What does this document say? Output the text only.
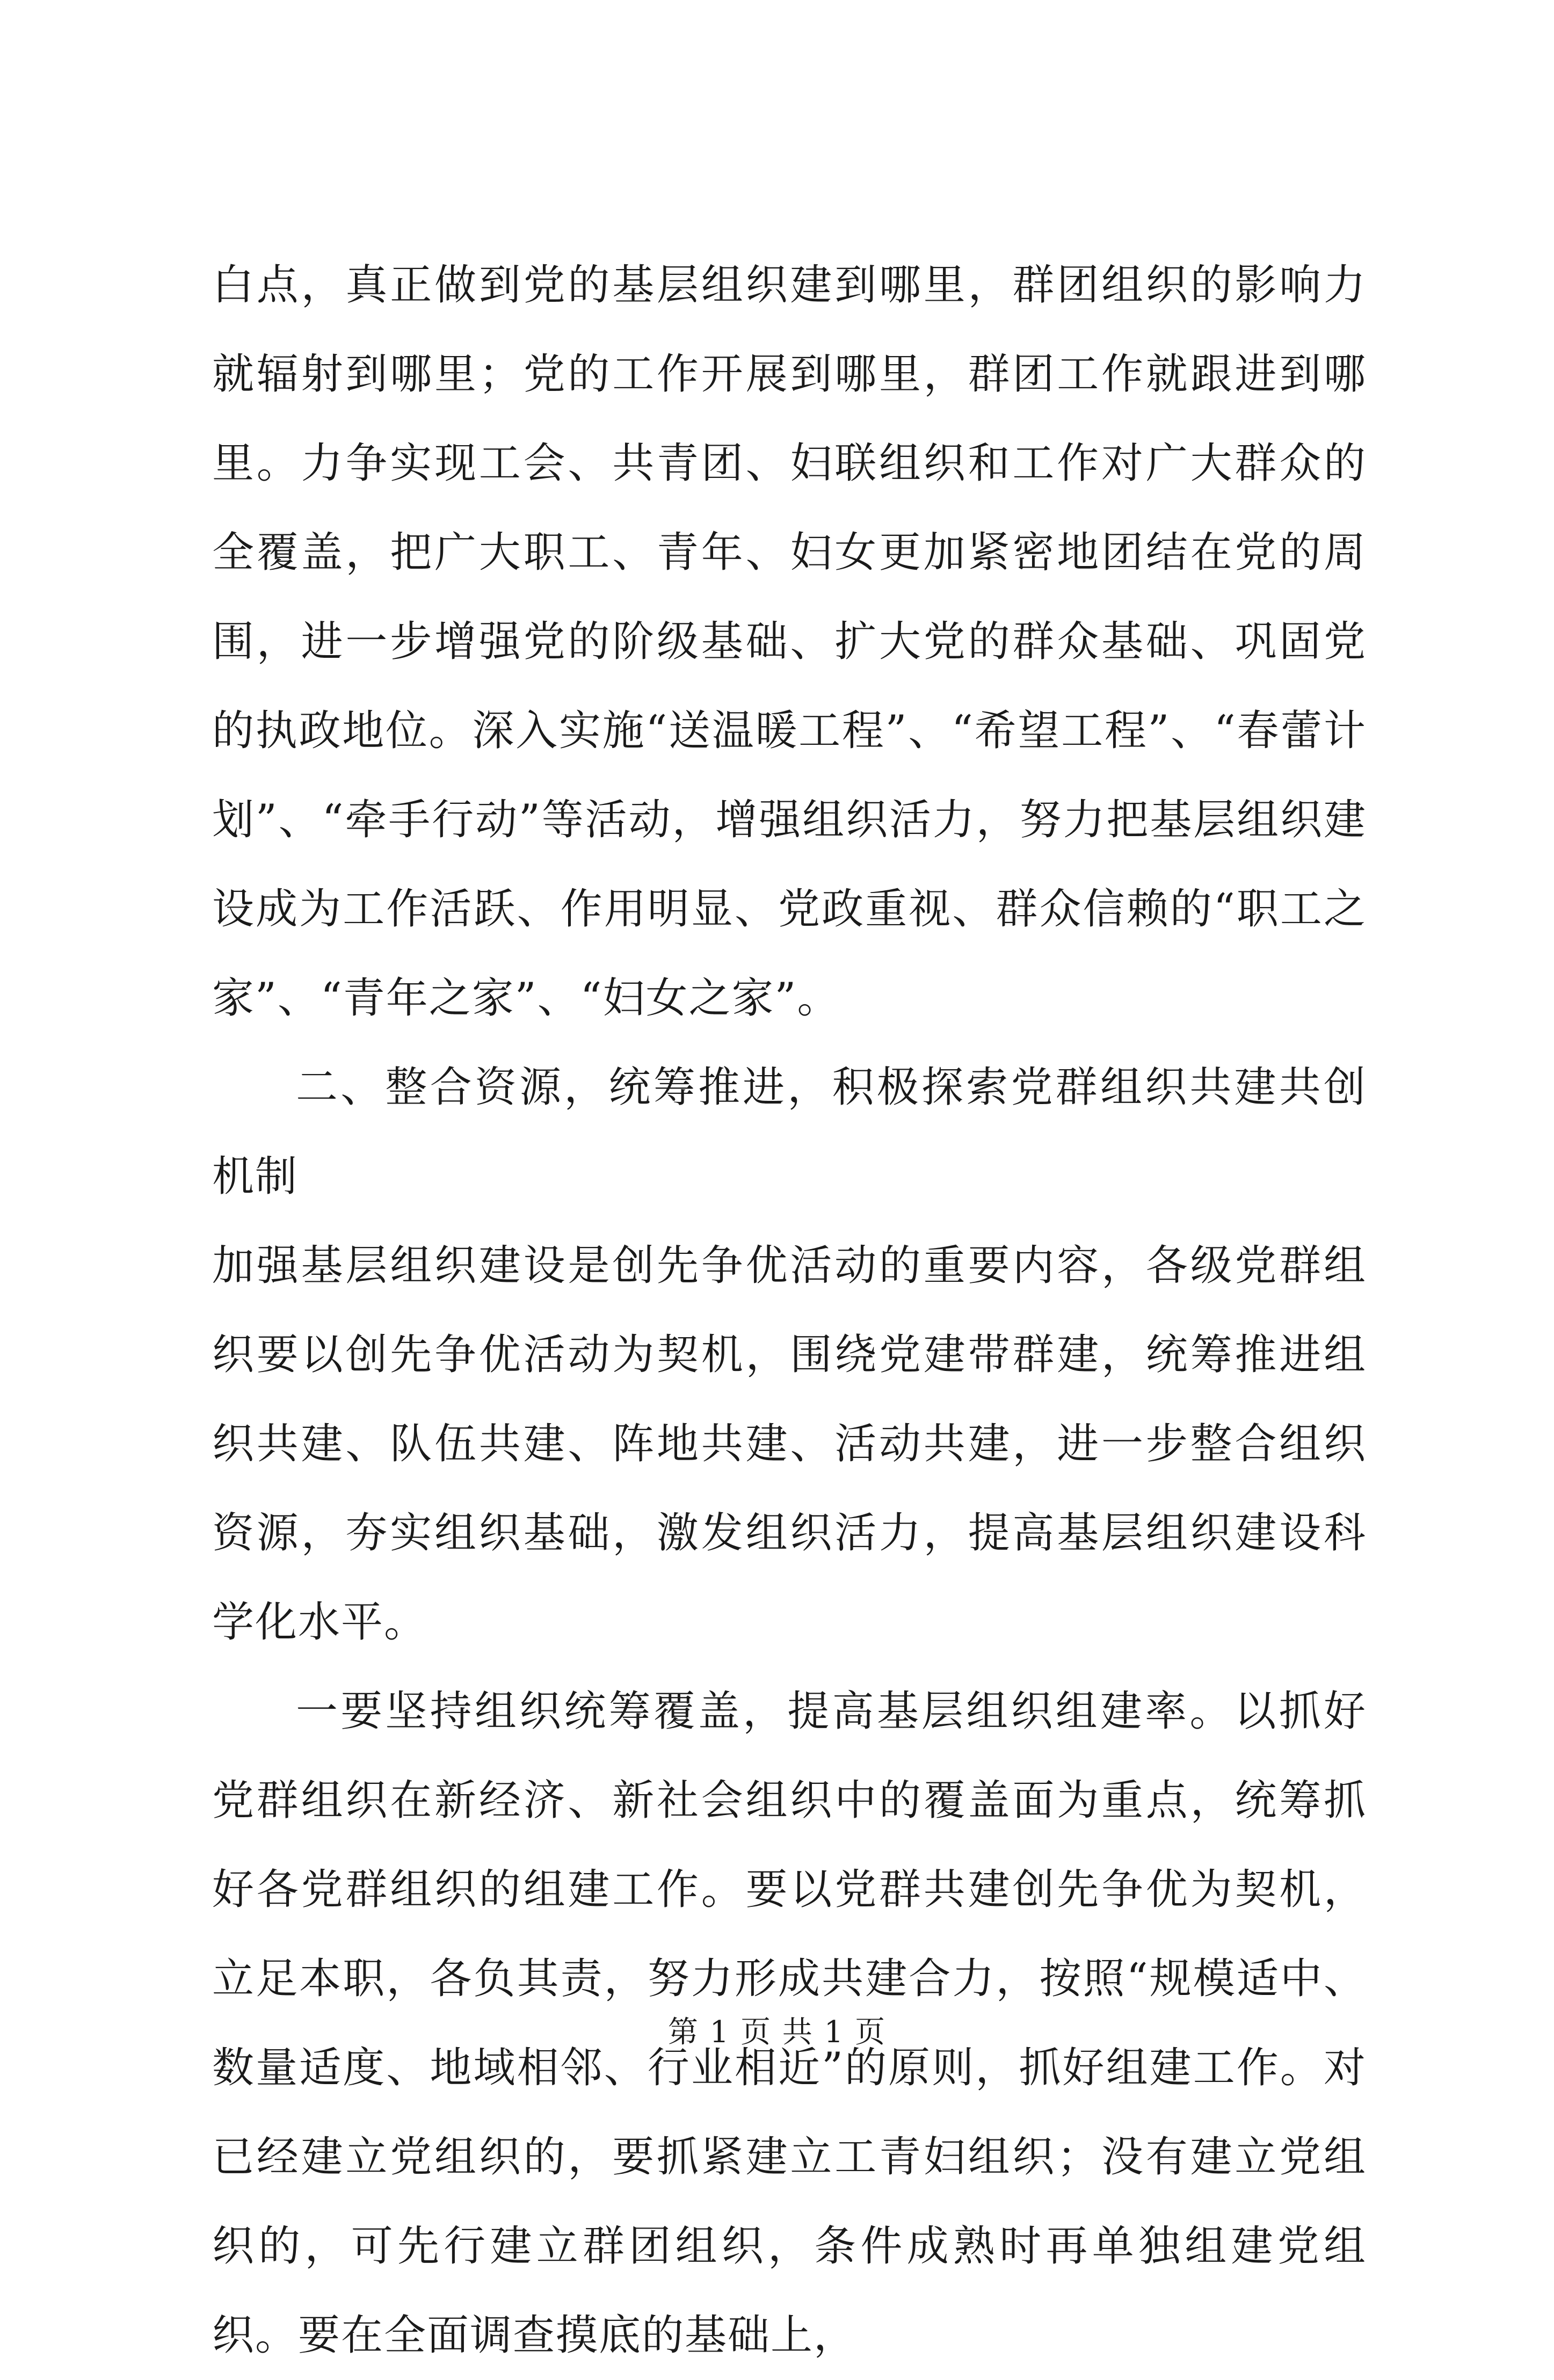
白点，真正做到党的基层组织建到哪里，群团组织的影响力就辐射到哪里；党的工作开展到哪里，群团工作就跟进到哪里。力争实现工会、共青团、妇联组织和工作对广大群众的全覆盖，把广大职工、青年、妇女更加紧密地团结在党的周围，进一步增强党的阶级基础、扩大党的群众基础、巩固党的执政地位。深入实施“送温暖工程”、“希望工程”、“春蕾计划”、“牵手行动”等活动，增强组织活力，努力把基层组织建设成为工作活跃、作用明显、党政重视、群众信赖的“职工之家”、“青年之家”、“妇女之家”。

二、整合资源，统筹推进，积极探索党群组织共建共创机制

加强基层组织建设是创先争优活动的重要内容，各级党群组织要以创先争优活动为契机，围绕党建带群建，统筹推进组织共建、队伍共建、阵地共建、活动共建，进一步整合组织资源，夯实组织基础，激发组织活力，提高基层组织建设科学化水平。

一要坚持组织统筹覆盖，提高基层组织组建率。以抓好党群组织在新经济、新社会组织中的覆盖面为重点，统筹抓好各党群组织的组建工作。要以党群共建创先争优为契机，立足本职，各负其责，努力形成共建合力，按照“规模适中、数量适度、地域相邻、行业相近”的原则，抓好组建工作。对已经建立党组织的，要抓紧建立工青妇组织；没有建立党组织的，可先行建立群团组织，条件成熟时再单独组建党组织。要在全面调查摸底的基础上，

第 1 页 共 1 页
